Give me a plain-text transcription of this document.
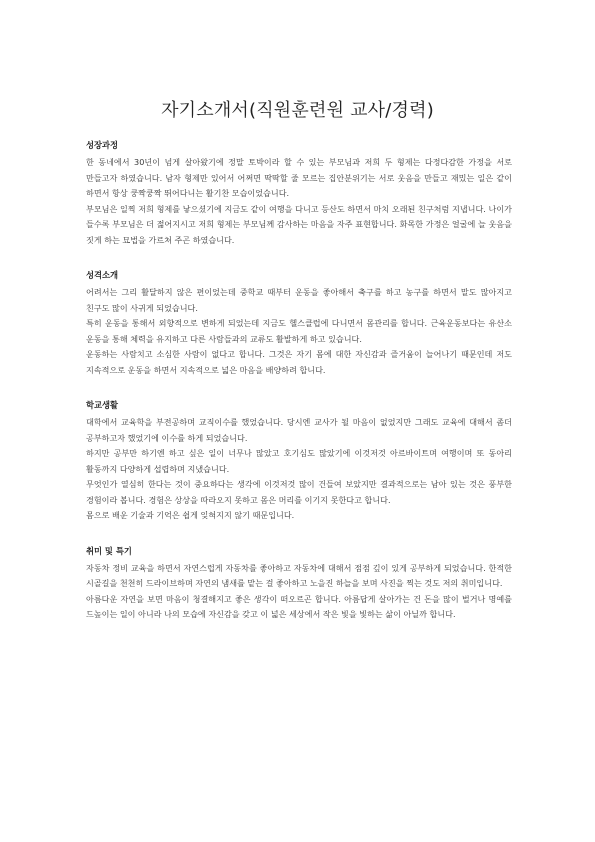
자기소개서(직원훈련원 교사/경력)
성장과정

한 동네에서 30년이 넘게 살아왔기에 정말 토박이라 할 수 있는 부모님과 저희 두 형제는 다정다감한 가정을 서로 만들고자 하였습니다. 남자 형제만 있어서 어쩌면 딱딱할 줄 모르는 집안분위기는 서로 웃음을 만들고 재밌는 일은 같이 하면서 항상 쿵짝쿵짝 뛰어다니는 활기찬 모습이었습니다.

부모님은 일찍 저희 형제를 낳으셨기에 지금도 같이 여행을 다니고 등산도 하면서 마치 오래된 친구처럼 지냅니다. 나이가 들수록 부모님은 더 젊어지시고 저희 형제는 부모님께 감사하는 마음을 자주 표현합니다. 화목한 가정은 얼굴에 늘 웃음을 짓게 하는 묘법을 가르쳐 주곤 하였습니다.

성격소개

어려서는 그리 활달하지 않은 편이었는데 중학교 때부터 운동을 좋아해서 축구를 하고 농구를 하면서 말도 많아지고 친구도 많이 사귀게 되었습니다.

특히 운동을 통해서 외향적으로 변하게 되었는데 지금도 헬스클럽에 다니면서 몸관리를 합니다. 근육운동보다는 유산소 운동을 통해 체력을 유지하고 다른 사람들과의 교류도 활발하게 하고 있습니다.

운동하는 사람치고 소심한 사람이 없다고 합니다. 그것은 자기 몸에 대한 자신감과 즐거움이 늘어나기 때문인데 저도 지속적으로 운동을 하면서 지속적으로 넓은 마음을 배양하려 합니다.

학교생활

대학에서 교육학을 부전공하며 교직이수를 했었습니다. 당시엔 교사가 될 마음이 없었지만 그래도 교육에 대해서 좀더 공부하고자 했었기에 이수를 하게 되었습니다.

하지만 공부만 하기엔 하고 싶은 일이 너무나 많았고 호기심도 많았기에 이것저것 아르바이트며 여행이며 또 동아리 활동까지 다양하게 섭렵하며 지냈습니다.

무엇인가 열심히 한다는 것이 중요하다는 생각에 이것저것 많이 건들여 보았지만 결과적으로는 남아 있는 것은 풍부한 경험이라 봅니다. 경험은 상상을 따라오지 못하고 몸은 머리를 이기지 못한다고 합니다.

몸으로 배운 기술과 기억은 쉽게 잊혀지지 않기 때문입니다.

취미 및 특기

자동차 정비 교육을 하면서 자연스럽게 자동차를 좋아하고 자동차에 대해서 점점 깊이 있게 공부하게 되었습니다. 한적한 시골길을 천천히 드라이브하며 자연의 냄새를 맡는 걸 좋아하고 노을진 하늘을 보며 사진을 찍는 것도 저의 취미입니다.

아름다운 자연을 보면 마음이 청결해지고 좋은 생각이 떠오르곤 합니다. 아름답게 살아가는 건 돈을 많이 벌거나 명예를 드높이는 일이 아니라 나의 모습에 자신감을 갖고 이 넓은 세상에서 작은 빛을 빛하는 삶이 아닐까 합니다.
